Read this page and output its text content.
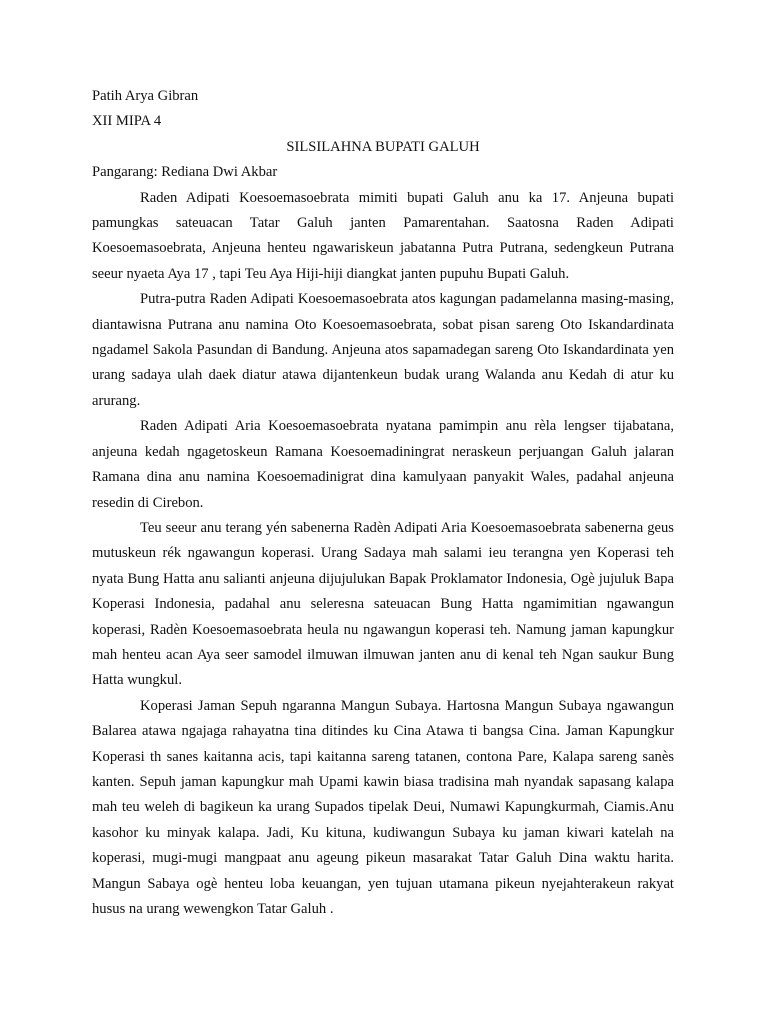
Patih Arya Gibran
XII MIPA 4
SILSILAHNA BUPATI GALUH
Pangarang: Rediana Dwi Akbar

Raden Adipati Koesoemasoebrata mimiti bupati Galuh anu ka 17. Anjeuna bupati pamungkas sateuacan Tatar Galuh janten Pamarentahan. Saatosna Raden Adipati Koesoemasoebrata, Anjeuna henteu ngawariskeun jabatanna Putra Putrana, sedengkeun Putrana seeur nyaeta Aya 17 , tapi Teu Aya Hiji-hiji diangkat janten pupuhu Bupati Galuh.

Putra-putra Raden Adipati Koesoemasoebrata atos kagungan padamelanna masing-masing, diantawisna Putrana anu namina Oto Koesoemasoebrata, sobat pisan sareng Oto Iskandardinata ngadamel Sakola Pasundan di Bandung. Anjeuna atos sapamadegan sareng Oto Iskandardinata yen urang sadaya ulah daek diatur atawa dijantenkeun budak urang Walanda anu Kedah di atur ku arurang.

Raden Adipati Aria Koesoemasoebrata nyatana pamimpin anu rèla lengser tijabatana, anjeuna kedah ngagetoskeun Ramana Koesoemadiningrat neraskeun perjuangan Galuh jalaran Ramana dina anu namina Koesoemadinigrat dina kamulyaan panyakit Wales, padahal anjeuna resedin di Cirebon.

Teu seeur anu terang yén sabenerna Radèn Adipati Aria Koesoemasoebrata sabenerna geus mutuskeun rék ngawangun koperasi. Urang Sadaya mah salami ieu terangna yen Koperasi teh nyata Bung Hatta anu salianti anjeuna dijujulukan Bapak Proklamator Indonesia, Ogè jujuluk Bapa Koperasi Indonesia, padahal anu seleresna sateuacan Bung Hatta ngamimitian ngawangun koperasi, Radèn Koesoemasoebrata heula nu ngawangun koperasi teh. Namung jaman kapungkur mah henteu acan Aya seer samodel ilmuwan ilmuwan janten anu di kenal teh Ngan saukur Bung Hatta wungkul.

Koperasi Jaman Sepuh ngaranna Mangun Subaya. Hartosna Mangun Subaya ngawangun Balarea atawa ngajaga rahayatna tina ditindes ku Cina Atawa ti bangsa Cina. Jaman Kapungkur Koperasi th sanes kaitanna acis, tapi kaitanna sareng tatanen, contona Pare, Kalapa sareng sanès kanten. Sepuh jaman kapungkur mah Upami kawin biasa tradisina mah nyandak sapasang kalapa mah teu weleh di bagikeun ka urang Supados tipelak Deui, Numawi Kapungkurmah, Ciamis.Anu kasohor ku minyak kalapa. Jadi, Ku kituna, kudiwangun Subaya ku jaman kiwari katelah na koperasi, mugi-mugi mangpaat anu ageung pikeun masarakat Tatar Galuh Dina waktu harita. Mangun Sabaya ogè henteu loba keuangan, yen tujuan utamana pikeun nyejahterakeun rakyat husus na urang wewengkon Tatar Galuh .
